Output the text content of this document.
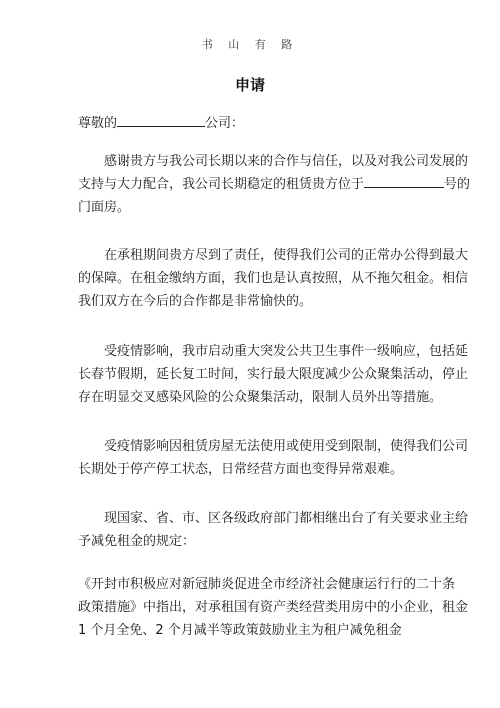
书 山 有 路
申请
尊敬的	公司：
感谢贵方与我公司长期以来的合作与信任，以及对我公司发展的
支持与大力配合，我公司长期稳定的租赁贵方位于	号的
门面房。
在承租期间贵方尽到了责任，使得我们公司的正常办公得到最大
的保障。在租金缴纳方面，我们也是认真按照，从不拖欠租金。相信
我们双方在今后的合作都是非常愉快的。
受疫情影响，我市启动重大突发公共卫生事件一级响应，包括延
长春节假期，延长复工时间，实行最大限度减少公众聚集活动，停止
存在明显交叉感染风险的公众聚集活动，限制人员外出等措施。
受疫情影响因租赁房屋无法使用或使用受到限制，使得我们公司
长期处于停产停工状态，日常经营方面也变得异常艰难。
现国家、省、市、区各级政府部门都相继出台了有关要求业主给
予减免租金的规定：
《开封市积极应对新冠肺炎促进全市经济社会健康运行行的二十条
政策措施》中指出，对承租国有资产类经营类用房中的小企业，租金
1 个月全免、2 个月减半等政策鼓励业主为租户减免租金
